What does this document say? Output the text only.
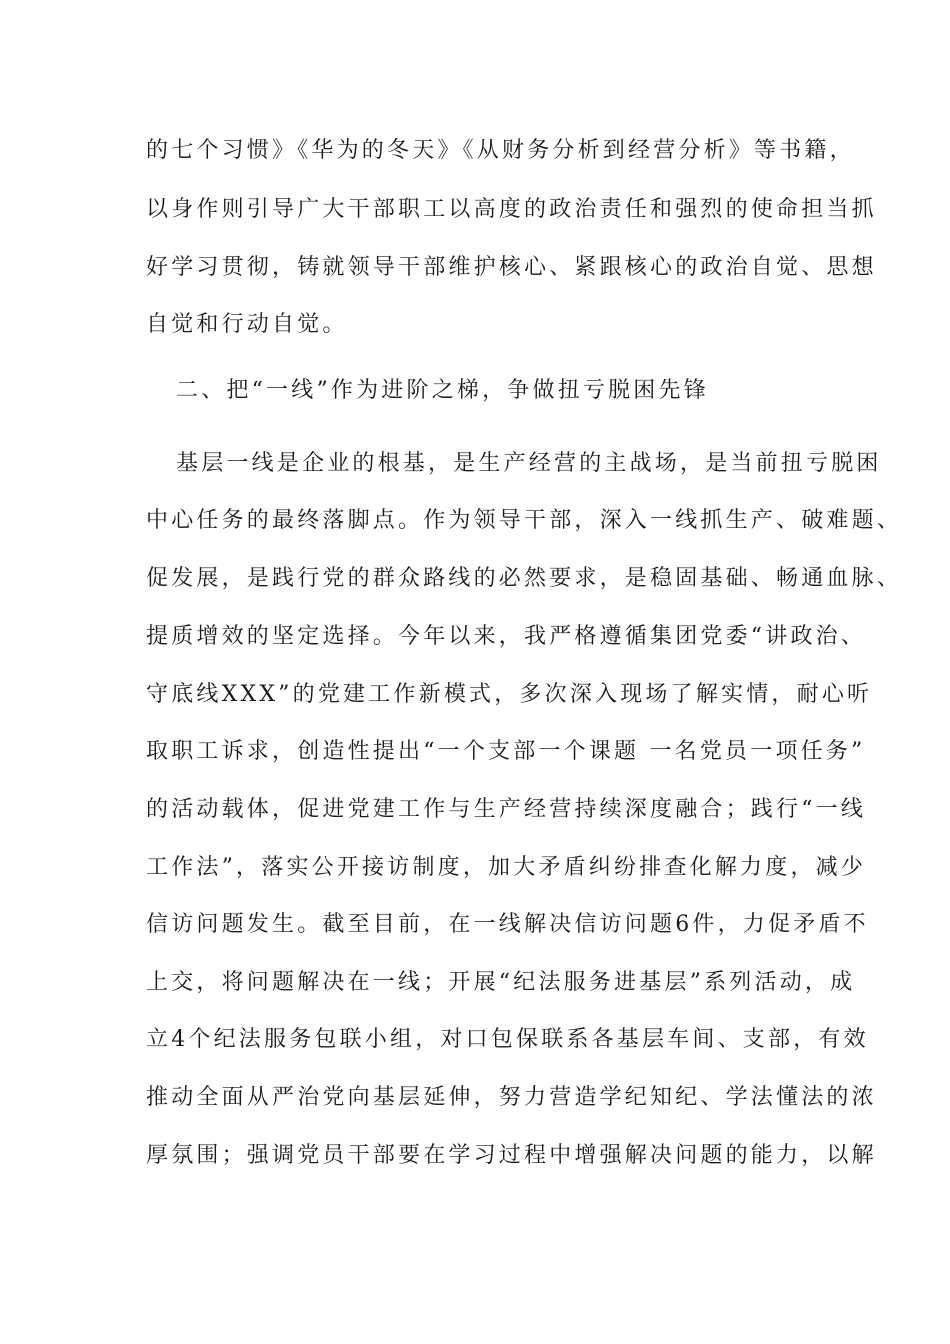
的七个习惯》《华为的冬天》《从财务分析到经营分析》等书籍，
以身作则引导广大干部职工以高度的政治责任和强烈的使命担当抓
好学习贯彻，铸就领导干部维护核心、紧跟核心的政治自觉、思想
自觉和行动自觉。
二、把“一线”作为进阶之梯，争做扭亏脱困先锋
基层一线是企业的根基，是生产经营的主战场，是当前扭亏脱困
中心任务的最终落脚点。作为领导干部，深入一线抓生产、破难题、
促发展，是践行党的群众路线的必然要求，是稳固基础、畅通血脉、
提质增效的坚定选择。今年以来，我严格遵循集团党委“讲政治、
守底线XXX”的党建工作新模式，多次深入现场了解实情，耐心听
取职工诉求，创造性提出“一个支部一个课题 一名党员一项任务”
的活动载体，促进党建工作与生产经营持续深度融合；践行“一线
工作法”，落实公开接访制度，加大矛盾纠纷排查化解力度，减少
信访问题发生。截至目前，在一线解决信访问题6件，力促矛盾不
上交，将问题解决在一线；开展“纪法服务进基层”系列活动，成
立4个纪法服务包联小组，对口包保联系各基层车间、支部，有效
推动全面从严治党向基层延伸，努力营造学纪知纪、学法懂法的浓
厚氛围；强调党员干部要在学习过程中增强解决问题的能力，以解
